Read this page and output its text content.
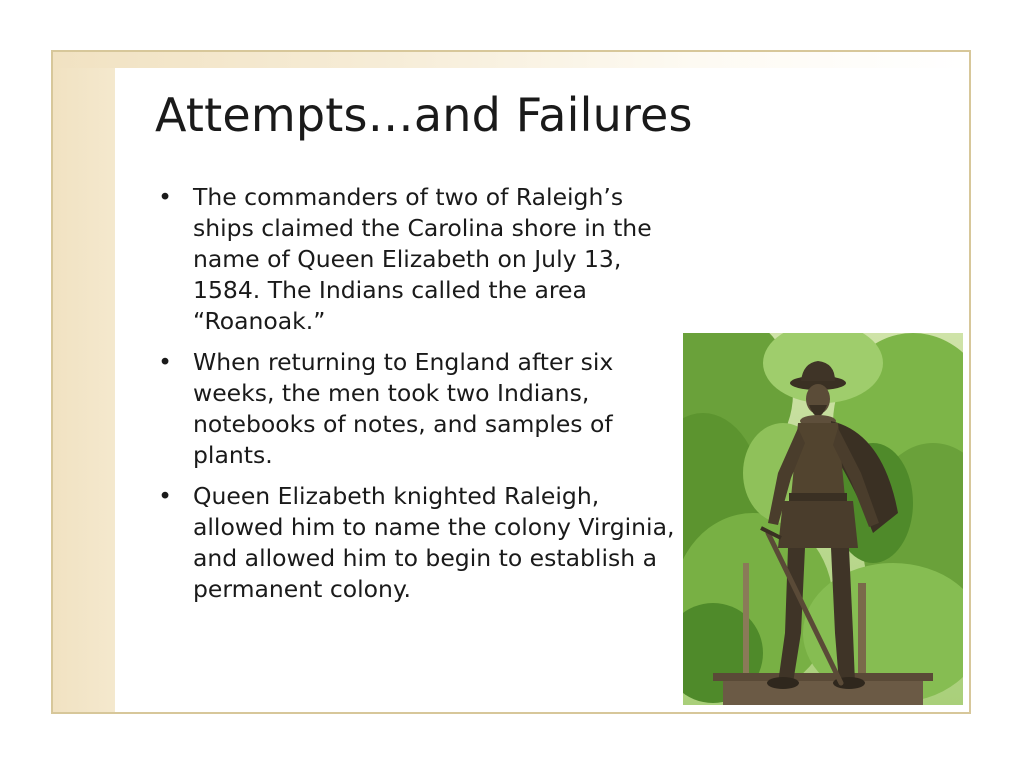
Attempts…and Failures
• The commanders of two of Raleigh’s ships claimed the Carolina shore in the name of Queen Elizabeth on July 13, 1584. The Indians called the area “Roanoak.”
• When returning to England after six weeks, the men took two Indians, notebooks of notes, and samples of plants.
• Queen Elizabeth knighted Raleigh, allowed him to name the colony Virginia, and allowed him to begin to establish a permanent colony.
